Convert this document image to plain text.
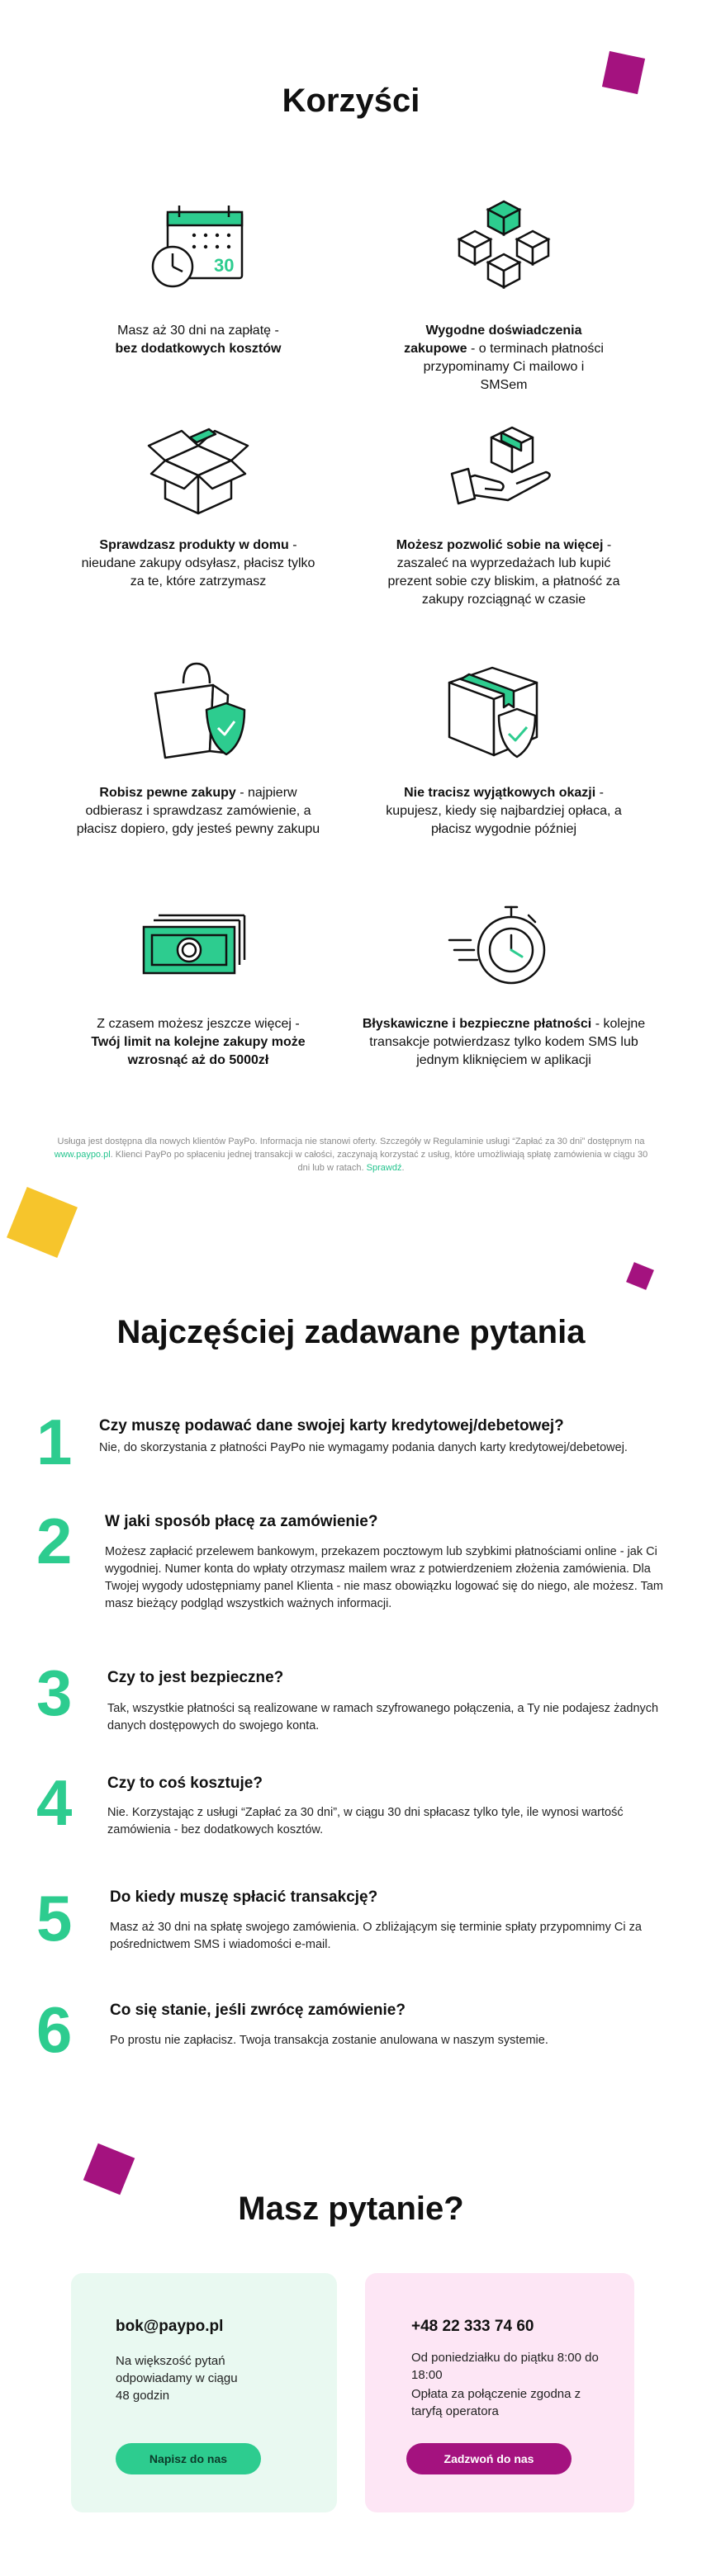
Korzyści
30
Masz aż 30 dni na zapłatę -
bez dodatkowych kosztów
Wygodne doświadczenia zakupowe - o terminach płatności przypominamy Ci mailowo i SMSem
Sprawdzasz produkty w domu - nieudane zakupy odsyłasz, płacisz tylko za te, które zatrzymasz
Możesz pozwolić sobie na więcej - zaszaleć na wyprzedażach lub kupić prezent sobie czy bliskim, a płatność za zakupy rozciągnąć w czasie
Robisz pewne zakupy - najpierw odbierasz i sprawdzasz zamówienie, a płacisz dopiero, gdy jesteś pewny zakupu
Nie tracisz wyjątkowych okazji - kupujesz, kiedy się najbardziej opłaca, a płacisz wygodnie później
Z czasem możesz jeszcze więcej -
Twój limit na kolejne zakupy może wzrosnąć aż do 5000zł
Błyskawiczne i bezpieczne płatności - kolejne transakcje potwierdzasz tylko kodem SMS lub jednym kliknięciem w aplikacji
Usługa jest dostępna dla nowych klientów PayPo. Informacja nie stanowi oferty. Szczegóły w Regulaminie usługi “Zapłać za 30 dni” dostępnym na www.paypo.pl. Klienci PayPo po spłaceniu jednej transakcji w całości, zaczynają korzystać z usług, które umożliwiają spłatę zamówienia w ciągu 30 dni lub w ratach. Sprawdź.
Najczęściej zadawane pytania
1 Czy muszę podawać dane swojej karty kredytowej/debetowej?
Nie, do skorzystania z płatności PayPo nie wymagamy podania danych karty kredytowej/debetowej.
2 W jaki sposób płacę za zamówienie?
Możesz zapłacić przelewem bankowym, przekazem pocztowym lub szybkimi płatnościami online - jak Ci wygodniej. Numer konta do wpłaty otrzymasz mailem wraz z potwierdzeniem złożenia zamówienia. Dla Twojej wygody udostępniamy panel Klienta - nie masz obowiązku logować się do niego, ale możesz. Tam masz bieżący podgląd wszystkich ważnych informacji.
3 Czy to jest bezpieczne?
Tak, wszystkie płatności są realizowane w ramach szyfrowanego połączenia, a Ty nie podajesz żadnych danych dostępowych do swojego konta.
4 Czy to coś kosztuje?
Nie. Korzystając z usługi “Zapłać za 30 dni”, w ciągu 30 dni spłacasz tylko tyle, ile wynosi wartość zamówienia - bez dodatkowych kosztów.
5 Do kiedy muszę spłacić transakcję?
Masz aż 30 dni na spłatę swojego zamówienia. O zbliżającym się terminie spłaty przypomnimy Ci za pośrednictwem SMS i wiadomości e-mail.
6 Co się stanie, jeśli zwrócę zamówienie?
Po prostu nie zapłacisz. Twoja transakcja zostanie anulowana w naszym systemie.
Masz pytanie?
bok@paypo.pl
Na większość pytań odpowiadamy w ciągu 48 godzin
Napisz do nas
+48 22 333 74 60
Od poniedziałku do piątku 8:00 do 18:00
Opłata za połączenie zgodna z taryfą operatora
Zadzwoń do nas
